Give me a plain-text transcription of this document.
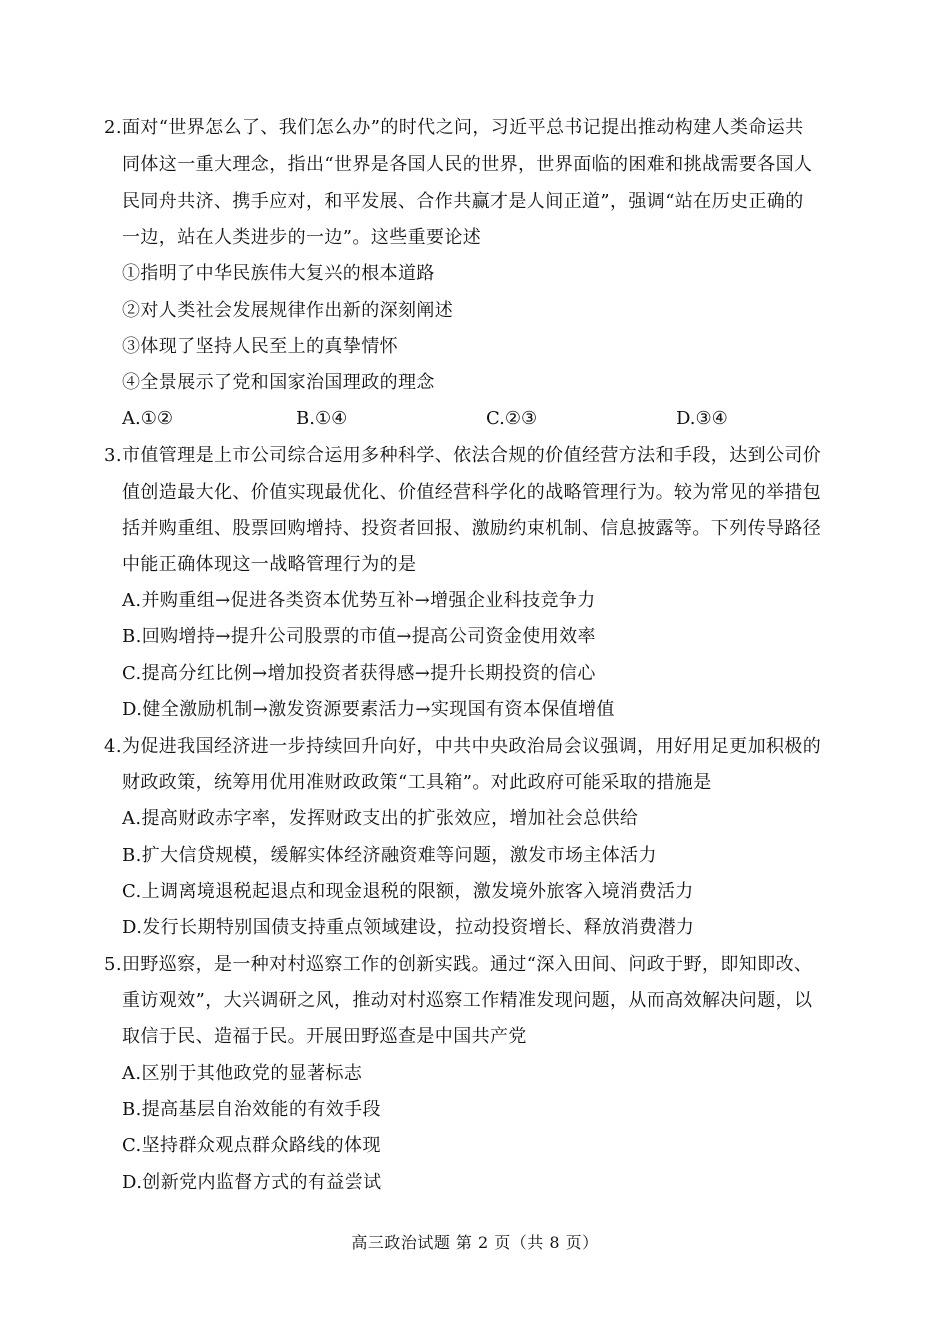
2.面对“世界怎么了、我们怎么办”的时代之问，习近平总书记提出推动构建人类命运共
同体这一重大理念，指出“世界是各国人民的世界，世界面临的困难和挑战需要各国人
民同舟共济、携手应对，和平发展、合作共赢才是人间正道”，强调“站在历史正确的
一边，站在人类进步的一边”。这些重要论述
①指明了中华民族伟大复兴的根本道路
②对人类社会发展规律作出新的深刻阐述
③体现了坚持人民至上的真挚情怀
④全景展示了党和国家治国理政的理念
A.①②	B.①④	C.②③	D.③④
3.市值管理是上市公司综合运用多种科学、依法合规的价值经营方法和手段，达到公司价
值创造最大化、价值实现最优化、价值经营科学化的战略管理行为。较为常见的举措包
括并购重组、股票回购增持、投资者回报、激励约束机制、信息披露等。下列传导路径
中能正确体现这一战略管理行为的是
A.并购重组→促进各类资本优势互补→增强企业科技竞争力
B.回购增持→提升公司股票的市值→提高公司资金使用效率
C.提高分红比例→增加投资者获得感→提升长期投资的信心
D.健全激励机制→激发资源要素活力→实现国有资本保值增值
4.为促进我国经济进一步持续回升向好，中共中央政治局会议强调，用好用足更加积极的
财政政策，统筹用优用准财政政策“工具箱”。对此政府可能采取的措施是
A.提高财政赤字率，发挥财政支出的扩张效应，增加社会总供给
B.扩大信贷规模，缓解实体经济融资难等问题，激发市场主体活力
C.上调离境退税起退点和现金退税的限额，激发境外旅客入境消费活力
D.发行长期特别国债支持重点领域建设，拉动投资增长、释放消费潜力
5.田野巡察，是一种对村巡察工作的创新实践。通过“深入田间、问政于野，即知即改、
重访观效”，大兴调研之风，推动对村巡察工作精准发现问题，从而高效解决问题，以
取信于民、造福于民。开展田野巡查是中国共产党
A.区别于其他政党的显著标志
B.提高基层自治效能的有效手段
C.坚持群众观点群众路线的体现
D.创新党内监督方式的有益尝试
高三政治试题 第 2 页（共 8 页）
